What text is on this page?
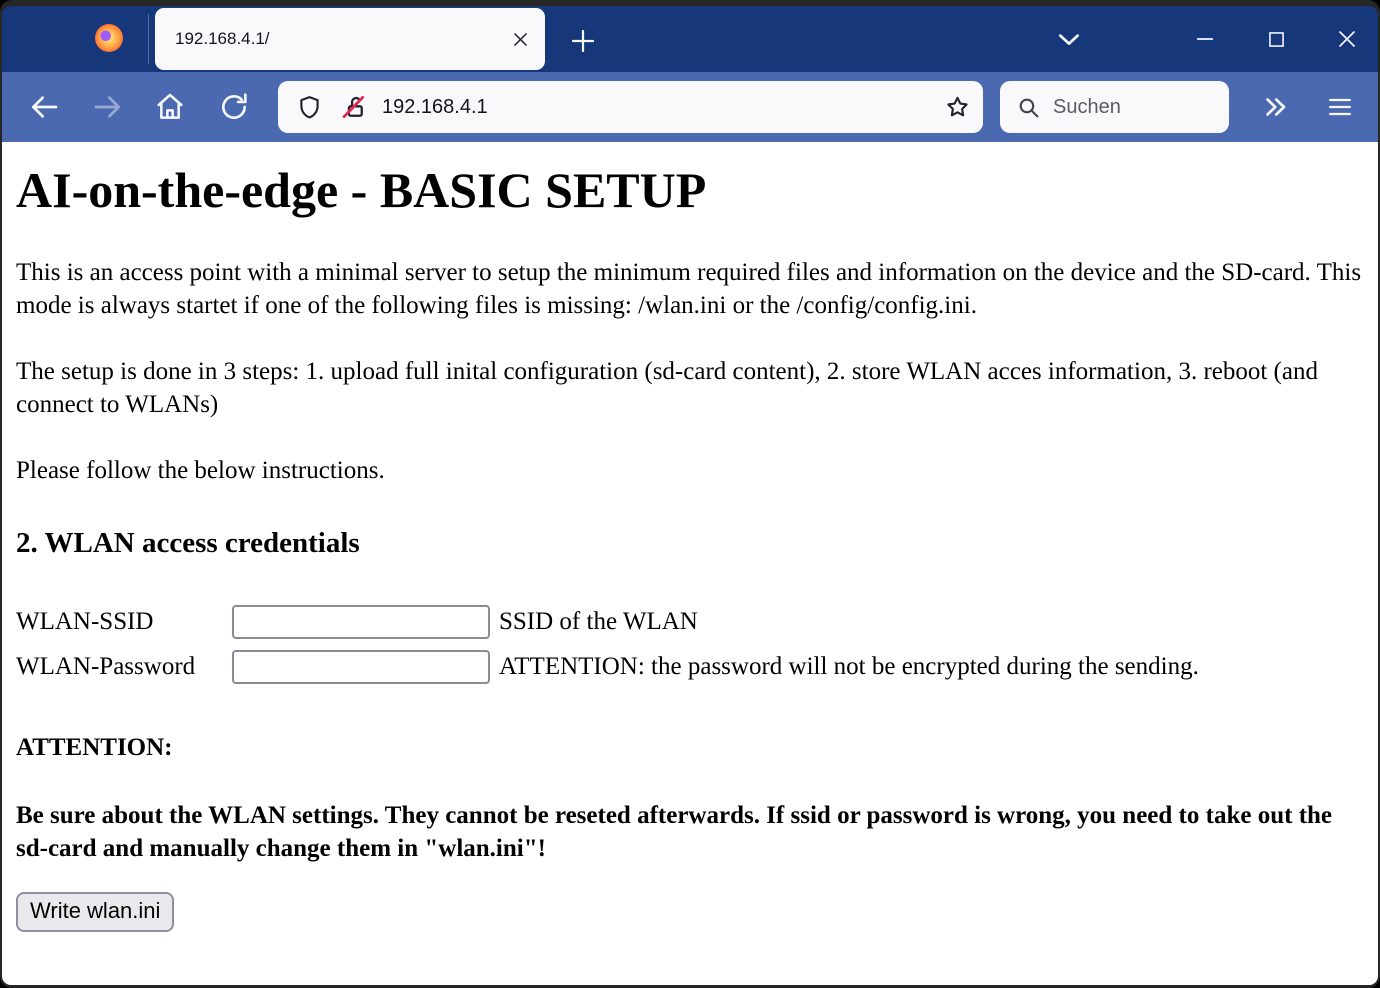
192.168.4.1/
192.168.4.1
Suchen
AI-on-the-edge - BASIC SETUP

This is an access point with a minimal server to setup the minimum required files and information on the device and the SD-card. This mode is always startet if one of the following files is missing: /wlan.ini or the /config/config.ini.

The setup is done in 3 steps: 1. upload full inital configuration (sd-card content), 2. store WLAN acces information, 3. reboot (and connect to WLANs)

Please follow the below instructions.

2. WLAN access credentials
WLAN-SSID	SSID of the WLAN
WLAN-Password	ATTENTION: the password will not be encrypted during the sending.

ATTENTION:

Be sure about the WLAN settings. They cannot be reseted afterwards. If ssid or password is wrong, you need to take out the sd-card and manually change them in "wlan.ini"!

Write wlan.ini
